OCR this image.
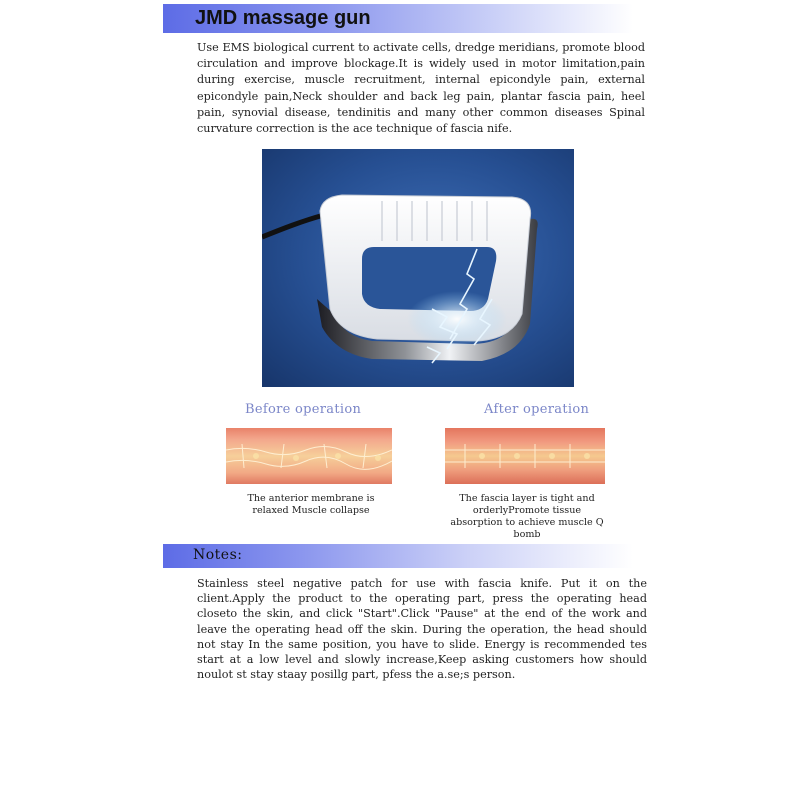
JMD massage gun
Use EMS biological current to activate cells, dredge meridians, promote blood circulation and improve blockage.It is widely used in motor limitation,pain during exercise, muscle recruitment, internal epicondyle pain, external epicondyle pain,Neck shoulder and back leg pain, plantar fascia pain, heel pain, synovial disease, tendinitis and many other common diseases Spinal curvature correction is the ace technique of fascia nife.
Before operation	After operation
The anterior membrane is relaxed Muscle collapse
The fascia layer is tight and orderlyPromote tissue absorption to achieve muscle Q bomb
Notes:
Stainless steel negative patch for use with fascia knife. Put it on the client.Apply the product to the operating part, press the operating head closeto the skin, and click "Start".Click "Pause" at the end of the work and leave the operating head off the skin. During the operation, the head should not stay In the same position, you have to slide. Energy is recommended tes start at a low level and slowly increase,Keep asking customers how should noulot st stay staay posillg part, pfess the a.se;s person.
